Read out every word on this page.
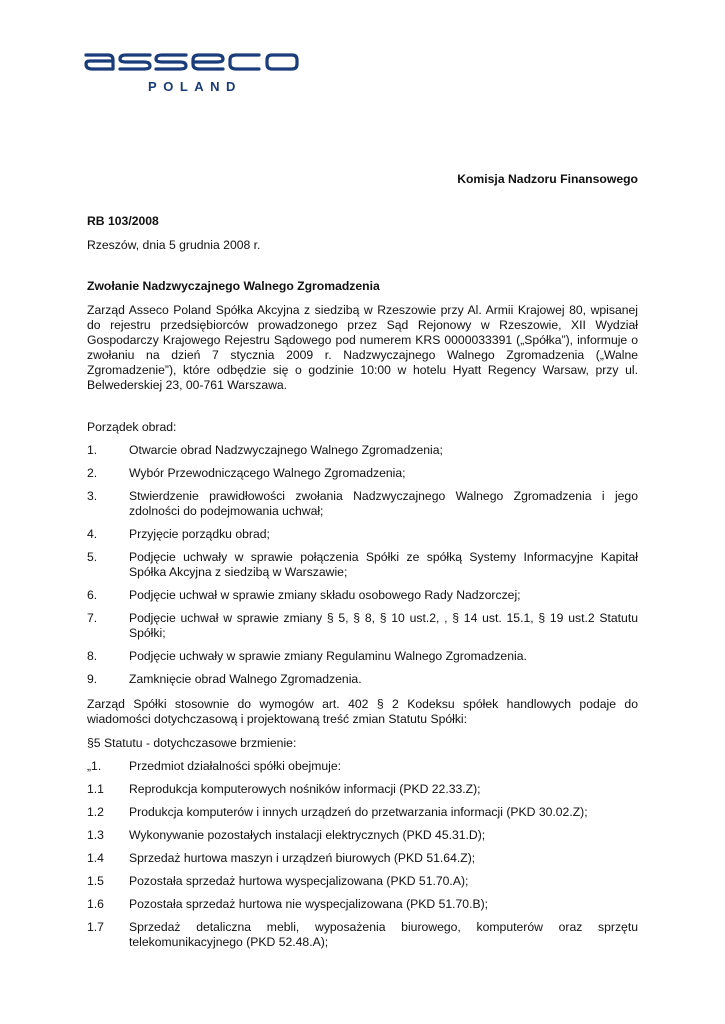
POLAND

Komisja Nadzoru Finansowego

RB 103/2008

Rzeszów, dnia 5 grudnia 2008 r.

Zwołanie Nadzwyczajnego Walnego Zgromadzenia

Zarząd Asseco Poland Spółka Akcyjna z siedzibą w Rzeszowie przy Al. Armii Krajowej 80, wpisanej do rejestru przedsiębiorców prowadzonego przez Sąd Rejonowy w Rzeszowie, XII Wydział Gospodarczy Krajowego Rejestru Sądowego pod numerem KRS 0000033391 („Spółka”), informuje o zwołaniu na dzień 7 stycznia 2009 r. Nadzwyczajnego Walnego Zgromadzenia („Walne Zgromadzenie”), które odbędzie się o godzinie 10:00 w hotelu Hyatt Regency Warsaw, przy ul. Belwederskiej 23, 00-761 Warszawa.

Porządek obrad:

1.	Otwarcie obrad Nadzwyczajnego Walnego Zgromadzenia;
2.	Wybór Przewodniczącego Walnego Zgromadzenia;
3.	Stwierdzenie prawidłowości zwołania Nadzwyczajnego Walnego Zgromadzenia i jego zdolności do podejmowania uchwał;
4.	Przyjęcie porządku obrad;
5.	Podjęcie uchwały w sprawie połączenia Spółki ze spółką Systemy Informacyjne Kapitał Spółka Akcyjna z siedzibą w Warszawie;
6.	Podjęcie uchwał w sprawie zmiany składu osobowego Rady Nadzorczej;
7.	Podjęcie uchwał w sprawie zmiany § 5, § 8, § 10 ust.2, , § 14 ust. 15.1, § 19 ust.2 Statutu Spółki;
8.	Podjęcie uchwały w sprawie zmiany Regulaminu Walnego Zgromadzenia.
9.	Zamknięcie obrad Walnego Zgromadzenia.

Zarząd Spółki stosownie do wymogów art. 402 § 2 Kodeksu spółek handlowych podaje do wiadomości dotychczasową i projektowaną treść zmian Statutu Spółki:

§5 Statutu - dotychczasowe brzmienie:

„1. Przedmiot działalności spółki obejmuje:
1.1 Reprodukcja komputerowych nośników informacji (PKD 22.33.Z);
1.2 Produkcja komputerów i innych urządzeń do przetwarzania informacji (PKD 30.02.Z);
1.3 Wykonywanie pozostałych instalacji elektrycznych (PKD 45.31.D);
1.4 Sprzedaż hurtowa maszyn i urządzeń biurowych (PKD 51.64.Z);
1.5 Pozostała sprzedaż hurtowa wyspecjalizowana (PKD 51.70.A);
1.6 Pozostała sprzedaż hurtowa nie wyspecjalizowana (PKD 51.70.B);
1.7 Sprzedaż detaliczna mebli, wyposażenia biurowego, komputerów oraz sprzętu telekomunikacyjnego (PKD 52.48.A);
